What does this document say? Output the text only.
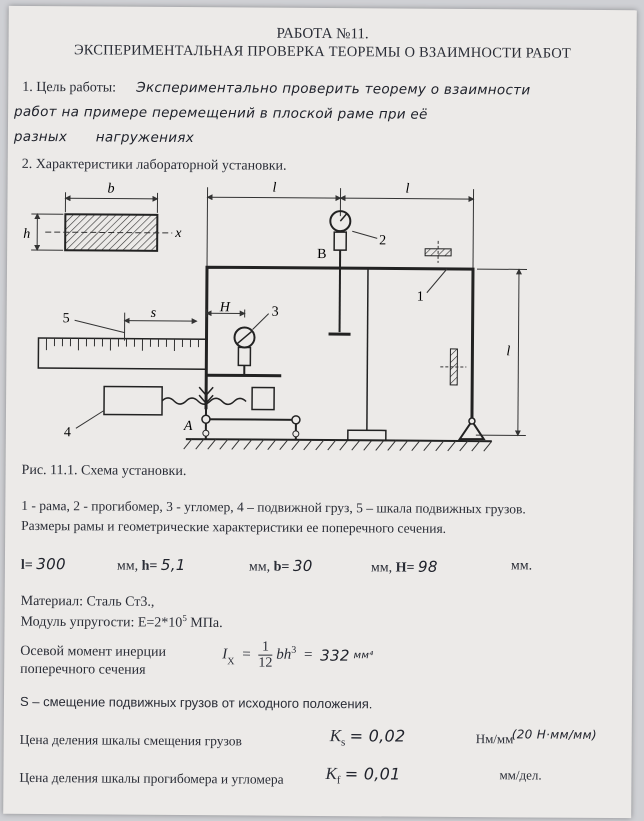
РАБОТА №11.
ЭКСПЕРИМЕНТАЛЬНАЯ ПРОВЕРКА ТЕОРЕМЫ О ВЗАИМНОСТИ РАБОТ
1. Цель работы: Экспериментально проверить теорему о взаимности
работ на примере перемещений в плоской раме при её
разных нагружениях
2. Характеристики лабораторной установки.
b
h	x
l	l
l
B
2
H	3
s
5
A
4
1
Рис. 11.1. Схема установки.
1 - рама, 2 - прогибомер, 3 - угломер, 4 – подвижной груз, 5 – шкала подвижных грузов.
Размеры рамы и геометрические характеристики ее поперечного сечения.
l= 300	мм, h= 5,1	мм, b= 30	мм, H= 98	мм.
Материал: Сталь Ст3.,
Модуль упругости: $E=2*10^5$ МПа.
Осевой момент инерции
поперечного сечения
$I_X = \frac{1}{12} bh^3 = 332$ мм⁴
S – смещение подвижных грузов от исходного положения.
Цена деления шкалы смещения грузов	$K_s = 0,02$	Нм/мм
(20 Н·мм/мм)
Цена деления шкалы прогибомера и угломера $K_f = 0,01$	мм/дел.
